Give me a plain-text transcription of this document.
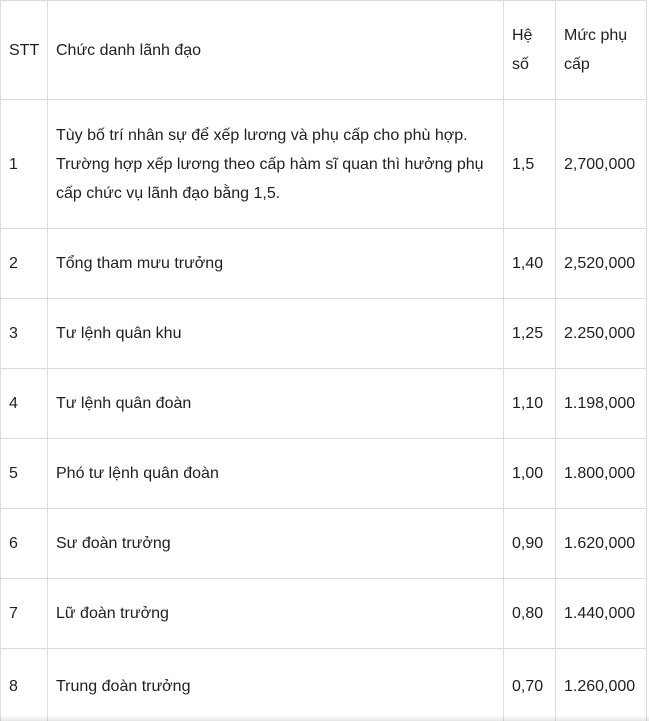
STT	Chức danh lãnh đạo	Hệ số	Mức phụ cấp
1	Tùy bố trí nhân sự để xếp lương và phụ cấp cho phù hợp. Trường hợp xếp lương theo cấp hàm sĩ quan thì hưởng phụ cấp chức vụ lãnh đạo bằng 1,5.	1,5	2,700,000
2	Tổng tham mưu trưởng	1,40	2,520,000
3	Tư lệnh quân khu	1,25	2.250,000
4	Tư lệnh quân đoàn	1,10	1.198,000
5	Phó tư lệnh quân đoàn	1,00	1.800,000
6	Sư đoàn trưởng	0,90	1.620,000
7	Lữ đoàn trưởng	0,80	1.440,000
8	Trung đoàn trưởng	0,70	1.260,000
